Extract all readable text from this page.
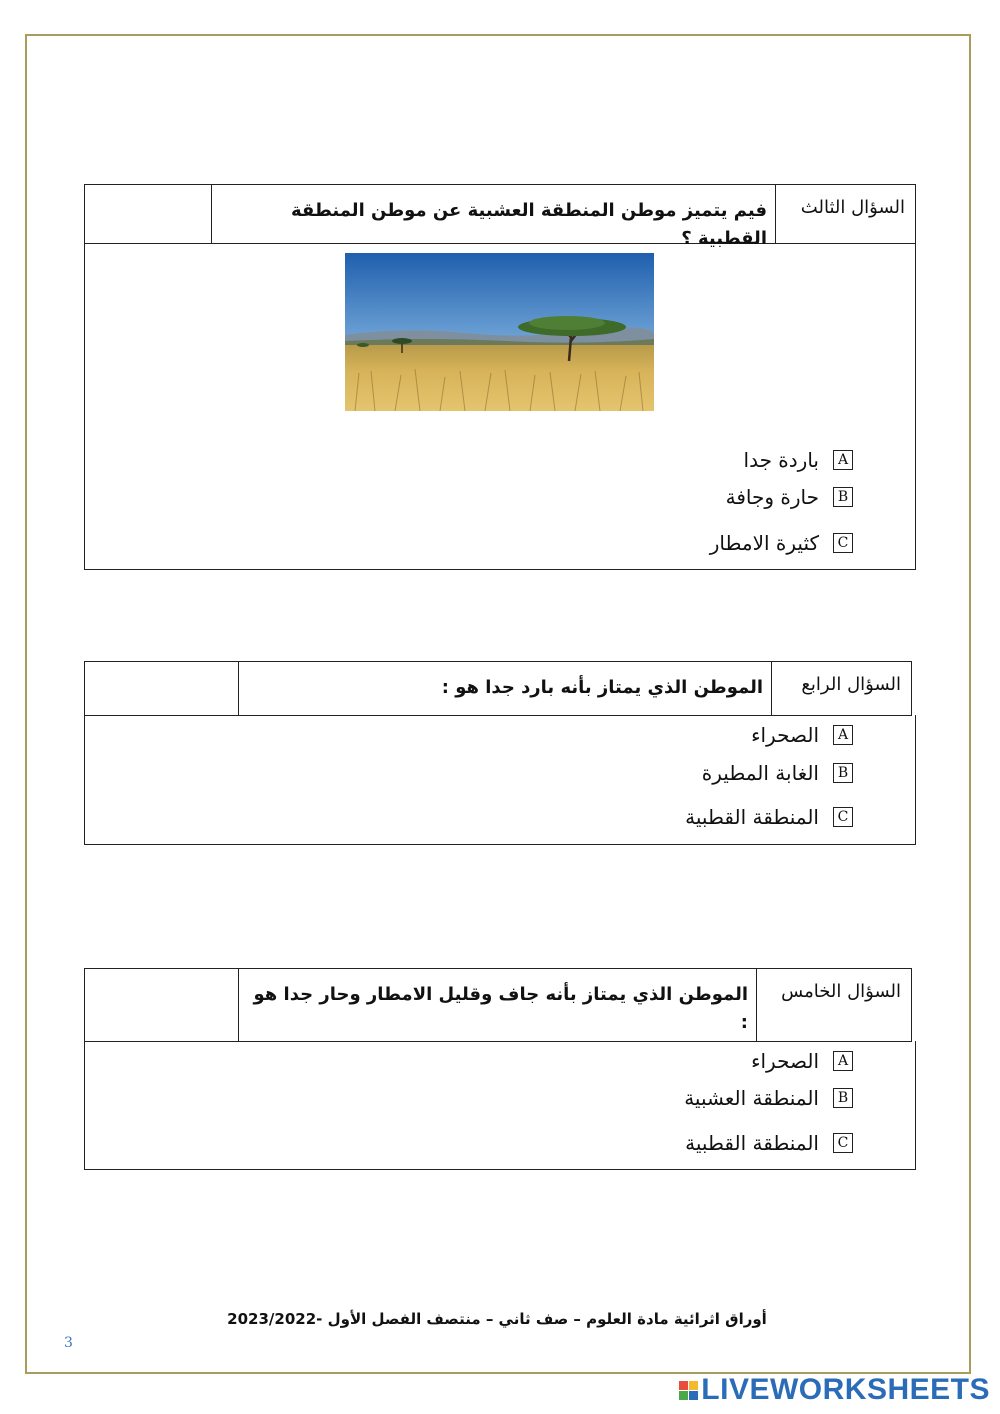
السؤال الثالث
فيم يتميز موطن المنطقة العشبية عن موطن المنطقة القطبية ؟
A
باردة جدا
B
حارة وجافة
C
كثيرة الامطار
السؤال الرابع
الموطن الذي يمتاز بأنه بارد جدا هو :
A
الصحراء
B
الغابة المطيرة
C
المنطقة القطبية
السؤال الخامس
الموطن الذي يمتاز بأنه جاف وقليل الامطار وحار جدا هو :
A
الصحراء
B
المنطقة العشبية
C
المنطقة القطبية
أوراق اثرائية مادة العلوم – صف ثاني – منتصف الفصل الأول -2023/2022
3
LIVEWORKSHEETS
